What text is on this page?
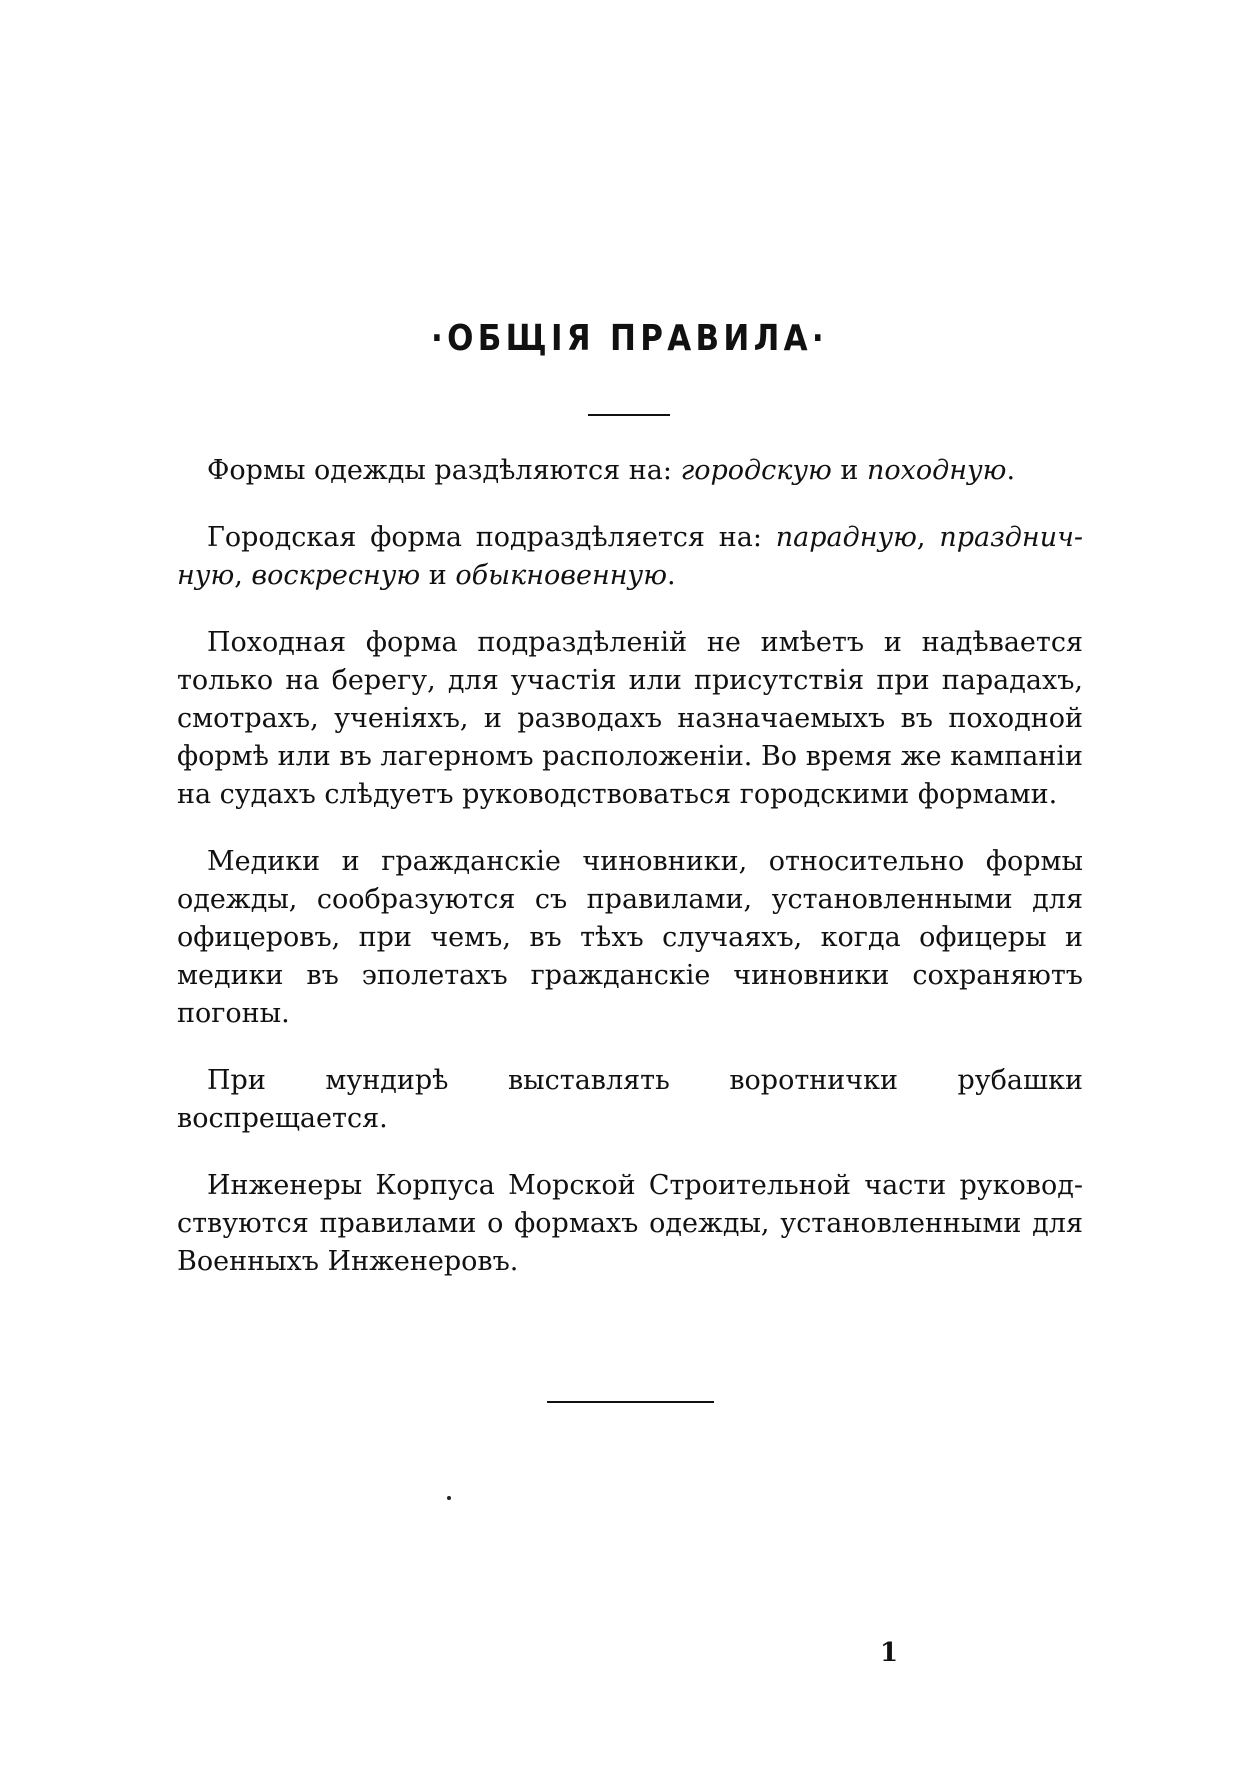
·ОБЩІЯ ПРАВИЛА·

Формы одежды раздѣляются на: городскую и походную.

Городская форма подраздѣляется на: парадную, праздничную, воскресную и обыкновенную.

Походная форма подраздѣленій не имѣетъ и надѣвается только на берегу, для участія или присутствія при парадахъ, смотрахъ, ученіяхъ, и разводахъ назначаемыхъ въ походной формѣ или въ лагерномъ расположеніи. Во время же кампаніи на судахъ слѣдуетъ руководствоваться городскими формами.

Медики и гражданскіе чиновники, относительно формы одежды, сообразуются съ правилами, установленными для офицеровъ, при чемъ, въ тѣхъ случаяхъ, когда офицеры и медики въ эполетахъ гражданскіе чиновники сохраняютъ погоны.

При мундирѣ выставлять воротнички рубашки воспрещается.

Инженеры Корпуса Морской Строительной части руководствуются правилами о формахъ одежды, установленными для Военныхъ Инженеровъ.

1
